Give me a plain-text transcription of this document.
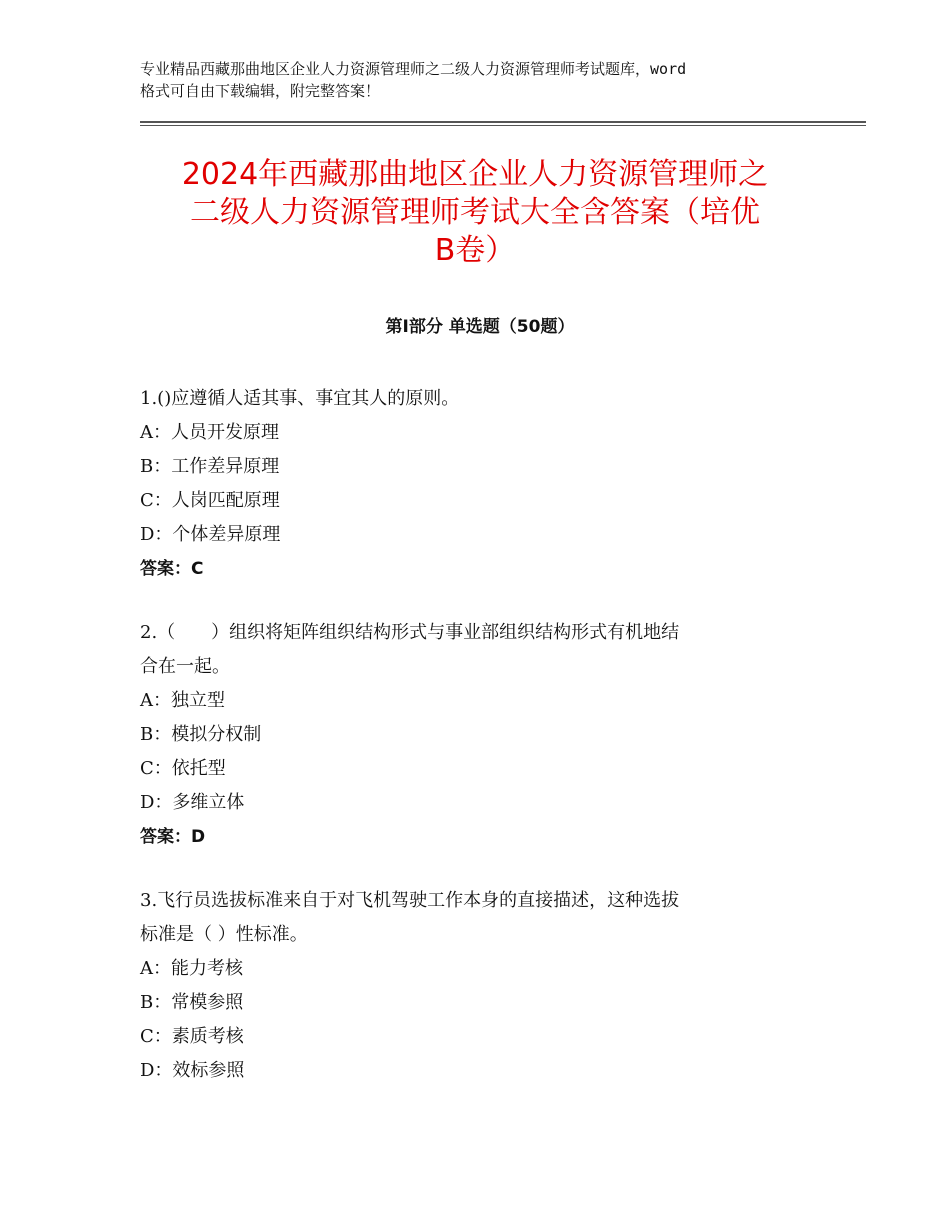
专业精品西藏那曲地区企业人力资源管理师之二级人力资源管理师考试题库，word
格式可自由下载编辑，附完整答案！
2024年西藏那曲地区企业人力资源管理师之
二级人力资源管理师考试大全含答案（培优
B卷）
第Ⅰ部分 单选题（50题）
1.()应遵循人适其事、事宜其人的原则。
A：人员开发原理
B：工作差异原理
C：人岗匹配原理
D：个体差异原理
答案：C
2.（　　）组织将矩阵组织结构形式与事业部组织结构形式有机地结
合在一起。
A：独立型
B：模拟分权制
C：依托型
D：多维立体
答案：D
3.飞行员选拔标准来自于对飞机驾驶工作本身的直接描述，这种选拔
标准是（ ）性标准。
A：能力考核
B：常模参照
C：素质考核
D：效标参照
